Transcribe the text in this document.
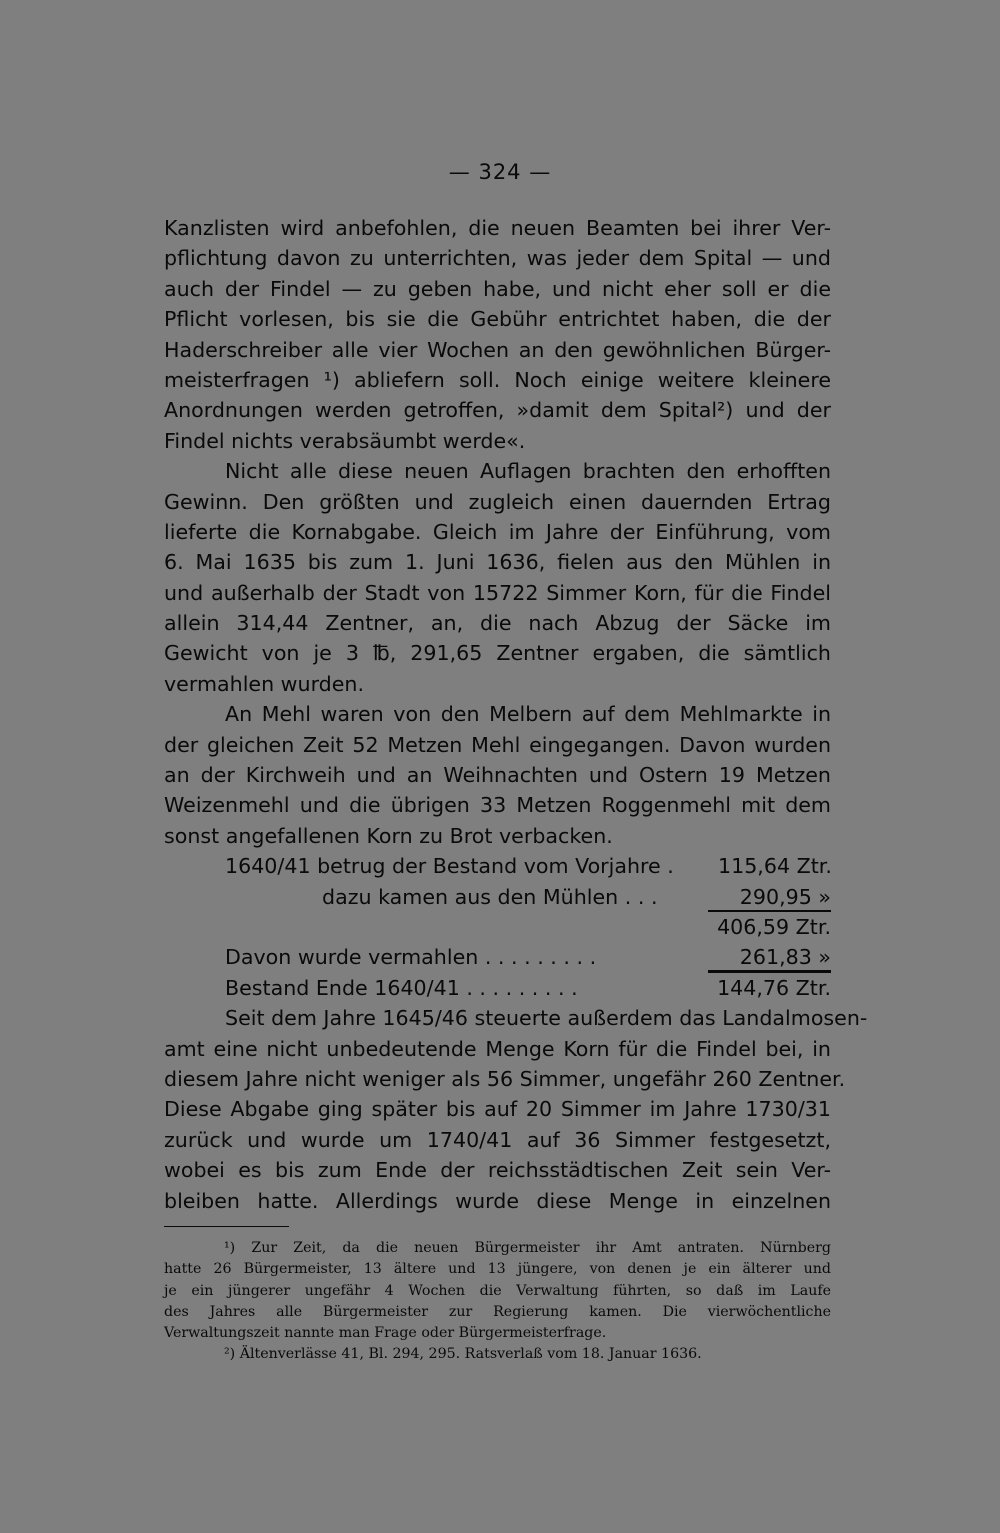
— 324 —
Kanzlisten wird anbefohlen, die neuen Beamten bei ihrer Ver-
pflichtung davon zu unterrichten, was jeder dem Spital — und
auch der Findel — zu geben habe, und nicht eher soll er die
Pflicht vorlesen, bis sie die Gebühr entrichtet haben, die der
Haderschreiber alle vier Wochen an den gewöhnlichen Bürger-
meisterfragen ¹) abliefern soll. Noch einige weitere kleinere
Anordnungen werden getroffen, »damit dem Spital²) und der
Findel nichts verabsäumbt werde«.
Nicht alle diese neuen Auflagen brachten den erhofften
Gewinn. Den größten und zugleich einen dauernden Ertrag
lieferte die Kornabgabe. Gleich im Jahre der Einführung, vom
6. Mai 1635 bis zum 1. Juni 1636, fielen aus den Mühlen in
und außerhalb der Stadt von 15722 Simmer Korn, für die Findel
allein 314,44 Zentner, an, die nach Abzug der Säcke im
Gewicht von je 3 ℔, 291,65 Zentner ergaben, die sämtlich
vermahlen wurden.
An Mehl waren von den Melbern auf dem Mehlmarkte in
der gleichen Zeit 52 Metzen Mehl eingegangen. Davon wurden
an der Kirchweih und an Weihnachten und Ostern 19 Metzen
Weizenmehl und die übrigen 33 Metzen Roggenmehl mit dem
sonst angefallenen Korn zu Brot verbacken.
1640/41 betrug der Bestand vom Vorjahre . 115,64 Ztr.
dazu kamen aus den Mühlen . . .	290,95 »
406,59 Ztr.
Davon wurde vermahlen . . . . . . . . .	261,83 »
Bestand Ende 1640/41 . . . . . . . . .	144,76 Ztr.
Seit dem Jahre 1645/46 steuerte außerdem das Landalmosen-
amt eine nicht unbedeutende Menge Korn für die Findel bei, in
diesem Jahre nicht weniger als 56 Simmer, ungefähr 260 Zentner.
Diese Abgabe ging später bis auf 20 Simmer im Jahre 1730/31
zurück und wurde um 1740/41 auf 36 Simmer festgesetzt,
wobei es bis zum Ende der reichsstädtischen Zeit sein Ver-
bleiben hatte. Allerdings wurde diese Menge in einzelnen
¹) Zur Zeit, da die neuen Bürgermeister ihr Amt antraten. Nürnberg
hatte 26 Bürgermeister, 13 ältere und 13 jüngere, von denen je ein älterer und
je ein jüngerer ungefähr 4 Wochen die Verwaltung führten, so daß im Laufe
des Jahres alle Bürgermeister zur Regierung kamen. Die vierwöchentliche
Verwaltungszeit nannte man Frage oder Bürgermeisterfrage.
²) Ältenverlässe 41, Bl. 294, 295. Ratsverlaß vom 18. Januar 1636.
